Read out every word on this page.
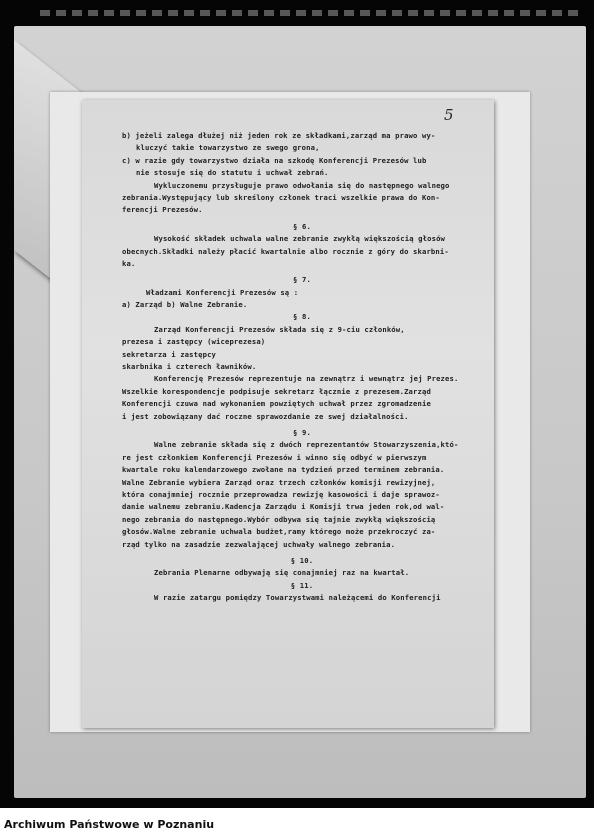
5
b) jeżeli zalega dłużej niż jeden rok ze składkami,zarząd ma prawo wy-
kluczyć takie towarzystwo ze swego grona,
c) w razie gdy towarzystwo działa na szkodę Konferencji Prezesów lub
nie stosuje się do statutu i uchwał zebrań.
Wykluczonemu przysługuje prawo odwołania się do następnego walnego
zebrania.Występujący lub skreślony członek traci wszelkie prawa do Kon-
ferencji Prezesów.
§ 6.
Wysokość składek uchwala walne zebranie zwykłą większością głosów
obecnych.Składki należy płacić kwartalnie albo rocznie z góry do skarbni-
ka.
§ 7.
Władzami Konferencji Prezesów są :
a) Zarząd b) Walne Zebranie.
§ 8.
Zarząd Konferencji Prezesów składa się z 9-ciu członków,
prezesa i zastępcy (wiceprezesa)
sekretarza i zastępcy
skarbnika i czterech ławników.
Konferencję Prezesów reprezentuje na zewnątrz i wewnątrz jej Prezes.
Wszelkie korespondencje podpisuje sekretarz łącznie z prezesem.Zarząd
Konferencji czuwa nad wykonaniem powziętych uchwał przez zgromadzenie
i jest zobowiązany dać roczne sprawozdanie ze swej działalności.
§ 9.
Walne zebranie składa się z dwóch reprezentantów Stowarzyszenia,któ-
re jest członkiem Konferencji Prezesów i winno się odbyć w pierwszym
kwartale roku kalendarzowego zwołane na tydzień przed terminem zebrania.
Walne Zebranie wybiera Zarząd oraz trzech członków komisji rewizyjnej,
która conajmniej rocznie przeprowadza rewizję kasowości i daje sprawoz-
danie walnemu zebraniu.Kadencja Zarządu i Komisji trwa jeden rok,od wal-
nego zebrania do następnego.Wybór odbywa się tajnie zwykłą większością
głosów.Walne zebranie uchwala budżet,ramy którego może przekroczyć za-
rząd tylko na zasadzie zezwalającej uchwały walnego zebrania.
§ 10.
Zebrania Plenarne odbywają się conajmniej raz na kwartał.
§ 11.
W razie zatargu pomiędzy Towarzystwami należącemi do Konferencji
Archiwum Państwowe w Poznaniu
